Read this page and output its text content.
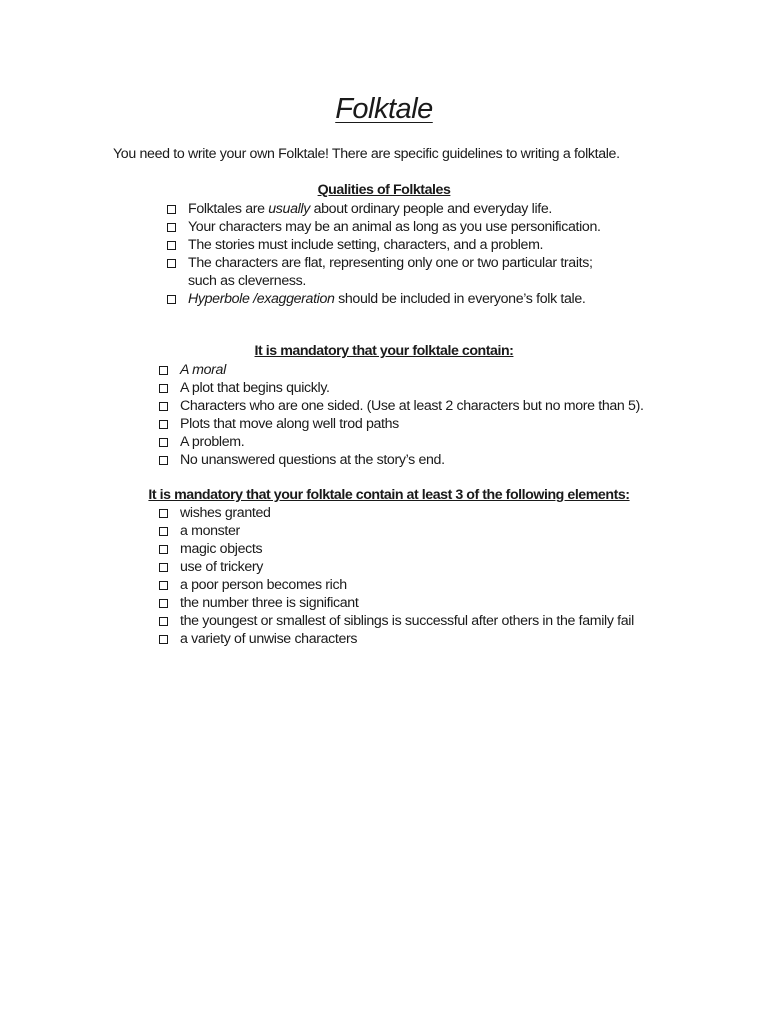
Folktale
You need to write your own Folktale! There are specific guidelines to writing a folktale.
Qualities of Folktales
Folktales are usually about ordinary people and everyday life.
Your characters may be an animal as long as you use personification.
The stories must include setting, characters, and a problem.
The characters are flat, representing only one or two particular traits; such as cleverness.
Hyperbole /exaggeration should be included in everyone’s folk tale.
It is mandatory that your folktale contain:
A moral
A plot that begins quickly.
Characters who are one sided. (Use at least 2 characters but no more than 5).
Plots that move along well trod paths
A problem.
No unanswered questions at the story’s end.
It is mandatory that your folktale contain at least 3 of the following elements:
wishes granted
a monster
magic objects
use of trickery
a poor person becomes rich
the number three is significant
the youngest or smallest of siblings is successful after others in the family fail
a variety of unwise characters
